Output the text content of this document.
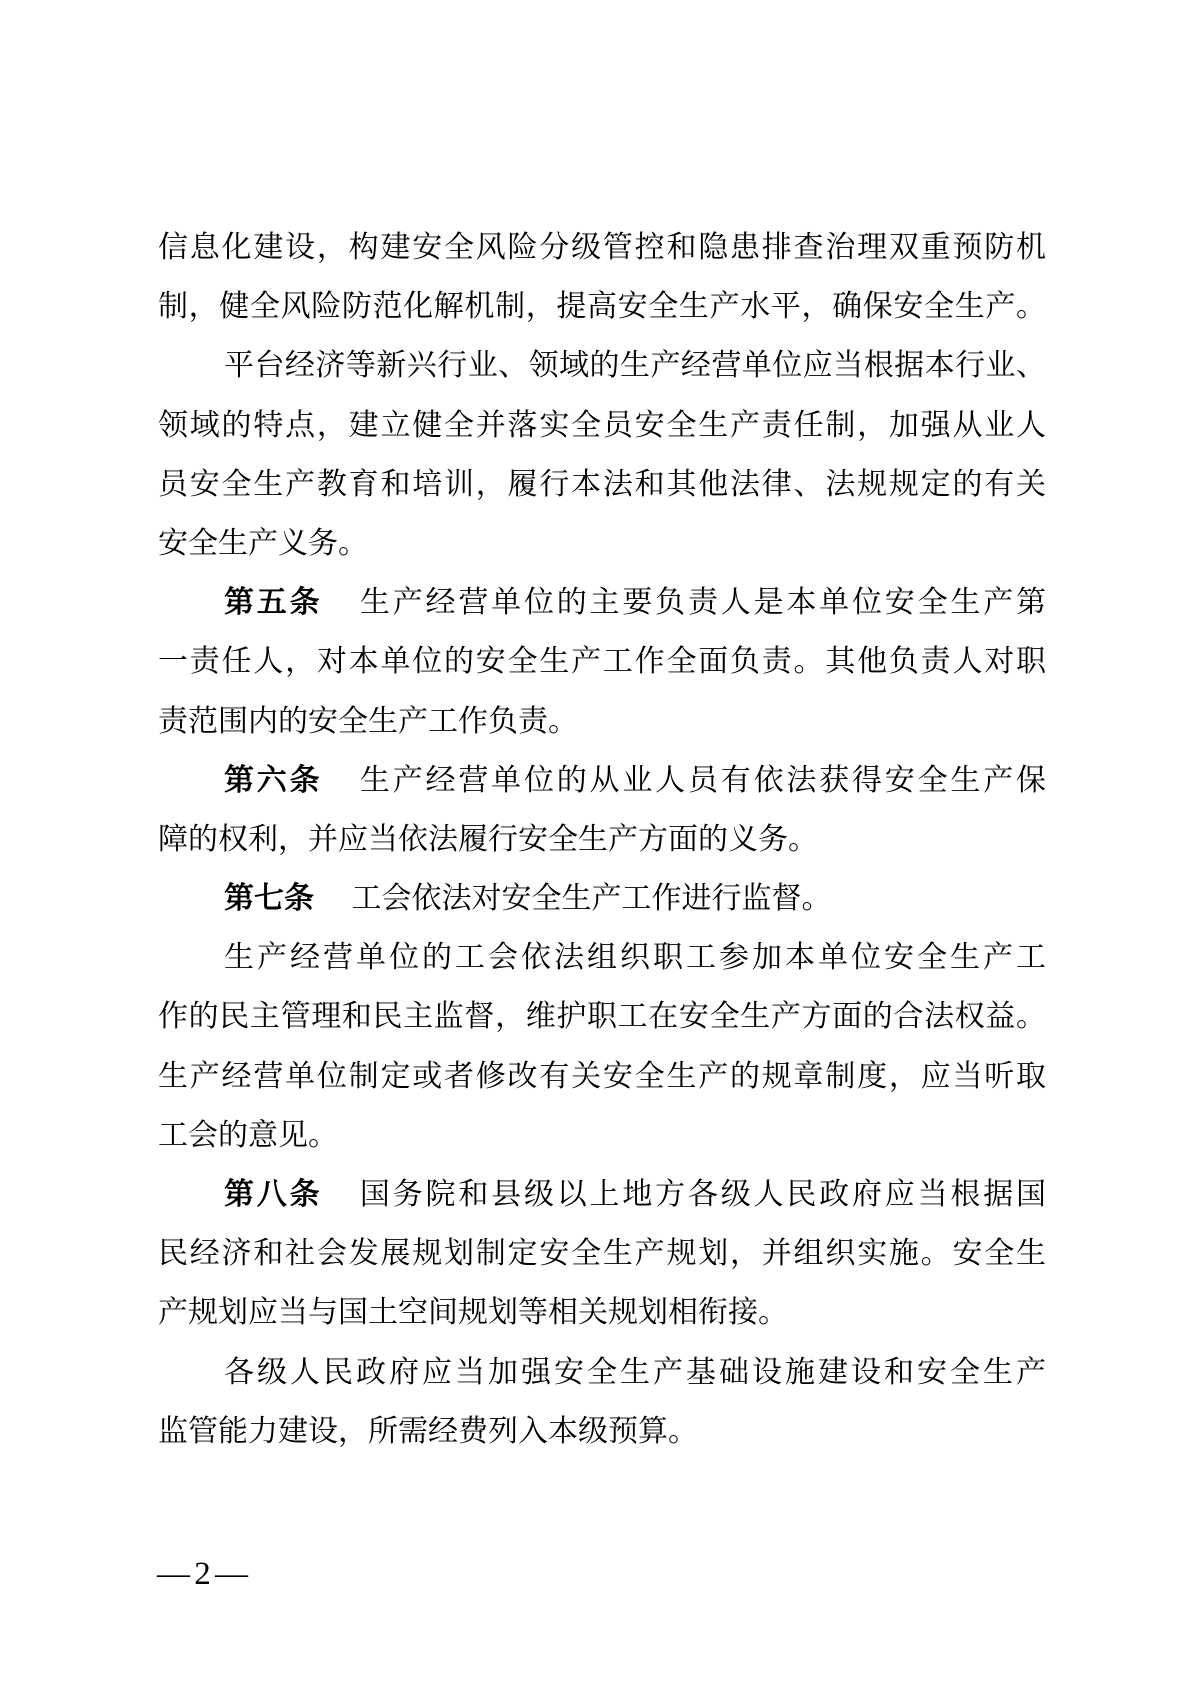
信息化建设，构建安全风险分级管控和隐患排查治理双重预防机
制，健全风险防范化解机制，提高安全生产水平，确保安全生产。
平台经济等新兴行业、领域的生产经营单位应当根据本行业、
领域的特点，建立健全并落实全员安全生产责任制，加强从业人
员安全生产教育和培训，履行本法和其他法律、法规规定的有关
安全生产义务。
第五条 生产经营单位的主要负责人是本单位安全生产第
一责任人，对本单位的安全生产工作全面负责。其他负责人对职
责范围内的安全生产工作负责。
第六条 生产经营单位的从业人员有依法获得安全生产保
障的权利，并应当依法履行安全生产方面的义务。
第七条 工会依法对安全生产工作进行监督。
生产经营单位的工会依法组织职工参加本单位安全生产工
作的民主管理和民主监督，维护职工在安全生产方面的合法权益。
生产经营单位制定或者修改有关安全生产的规章制度，应当听取
工会的意见。
第八条 国务院和县级以上地方各级人民政府应当根据国
民经济和社会发展规划制定安全生产规划，并组织实施。安全生
产规划应当与国土空间规划等相关规划相衔接。
各级人民政府应当加强安全生产基础设施建设和安全生产
监管能力建设，所需经费列入本级预算。
— 2 —
